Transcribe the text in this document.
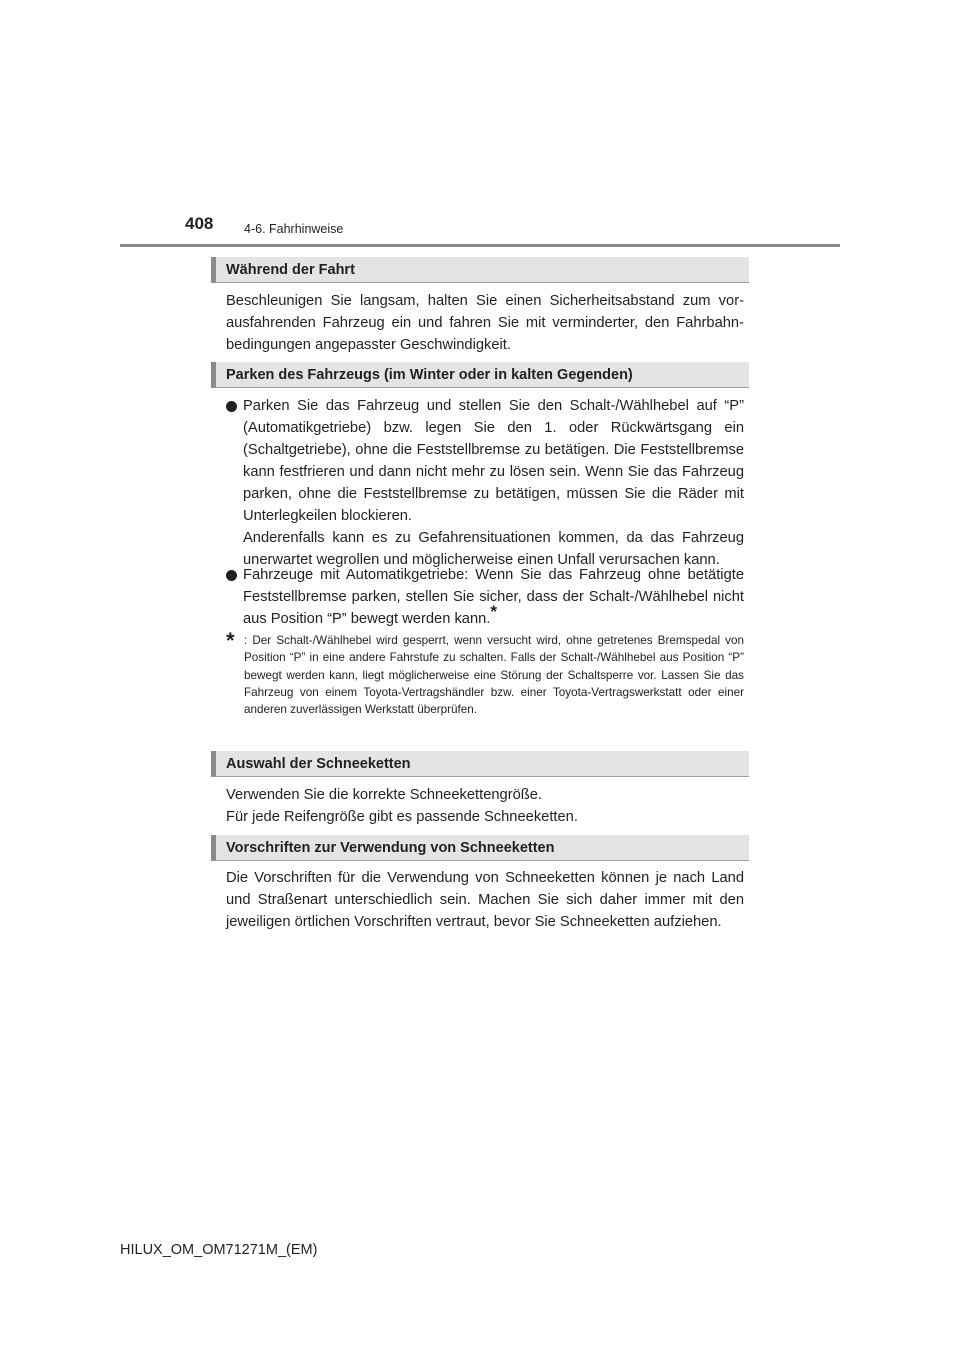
408 4-6. Fahrhinweise
Während der Fahrt
Beschleunigen Sie langsam, halten Sie einen Sicherheitsabstand zum vorausfahrenden Fahrzeug ein und fahren Sie mit verminderter, den Fahrbahnbedingungen angepasster Geschwindigkeit.
Parken des Fahrzeugs (im Winter oder in kalten Gegenden)

Parken Sie das Fahrzeug und stellen Sie den Schalt-/Wählhebel auf “P” (Automatikgetriebe) bzw. legen Sie den 1. oder Rückwärtsgang ein (Schaltgetriebe), ohne die Feststellbremse zu betätigen. Die Feststellbremse kann festfrieren und dann nicht mehr zu lösen sein. Wenn Sie das Fahrzeug parken, ohne die Feststellbremse zu betätigen, müssen Sie die Räder mit Unterlegkeilen blockieren.

Anderenfalls kann es zu Gefahrensituationen kommen, da das Fahrzeug unerwartet wegrollen und möglicherweise einen Unfall verursachen kann.

Fahrzeuge mit Automatikgetriebe: Wenn Sie das Fahrzeug ohne betätigte Feststellbremse parken, stellen Sie sicher, dass der Schalt-/Wählhebel nicht aus Position “P” bewegt werden kann.*
* : Der Schalt-/Wählhebel wird gesperrt, wenn versucht wird, ohne getretenes Bremspedal von Position “P” in eine andere Fahrstufe zu schalten. Falls der Schalt-/Wählhebel aus Position “P” bewegt werden kann, liegt möglicherweise eine Störung der Schaltsperre vor. Lassen Sie das Fahrzeug von einem Toyota-Vertragshändler bzw. einer Toyota-Vertragswerkstatt oder einer anderen zuverlässigen Werkstatt überprüfen.
Auswahl der Schneeketten
Verwenden Sie die korrekte Schneekettengröße.
Für jede Reifengröße gibt es passende Schneeketten.
Vorschriften zur Verwendung von Schneeketten
Die Vorschriften für die Verwendung von Schneeketten können je nach Land und Straßenart unterschiedlich sein. Machen Sie sich daher immer mit den jeweiligen örtlichen Vorschriften vertraut, bevor Sie Schneeketten aufziehen.
HILUX_OM_OM71271M_(EM)
carmanualsonline.info
